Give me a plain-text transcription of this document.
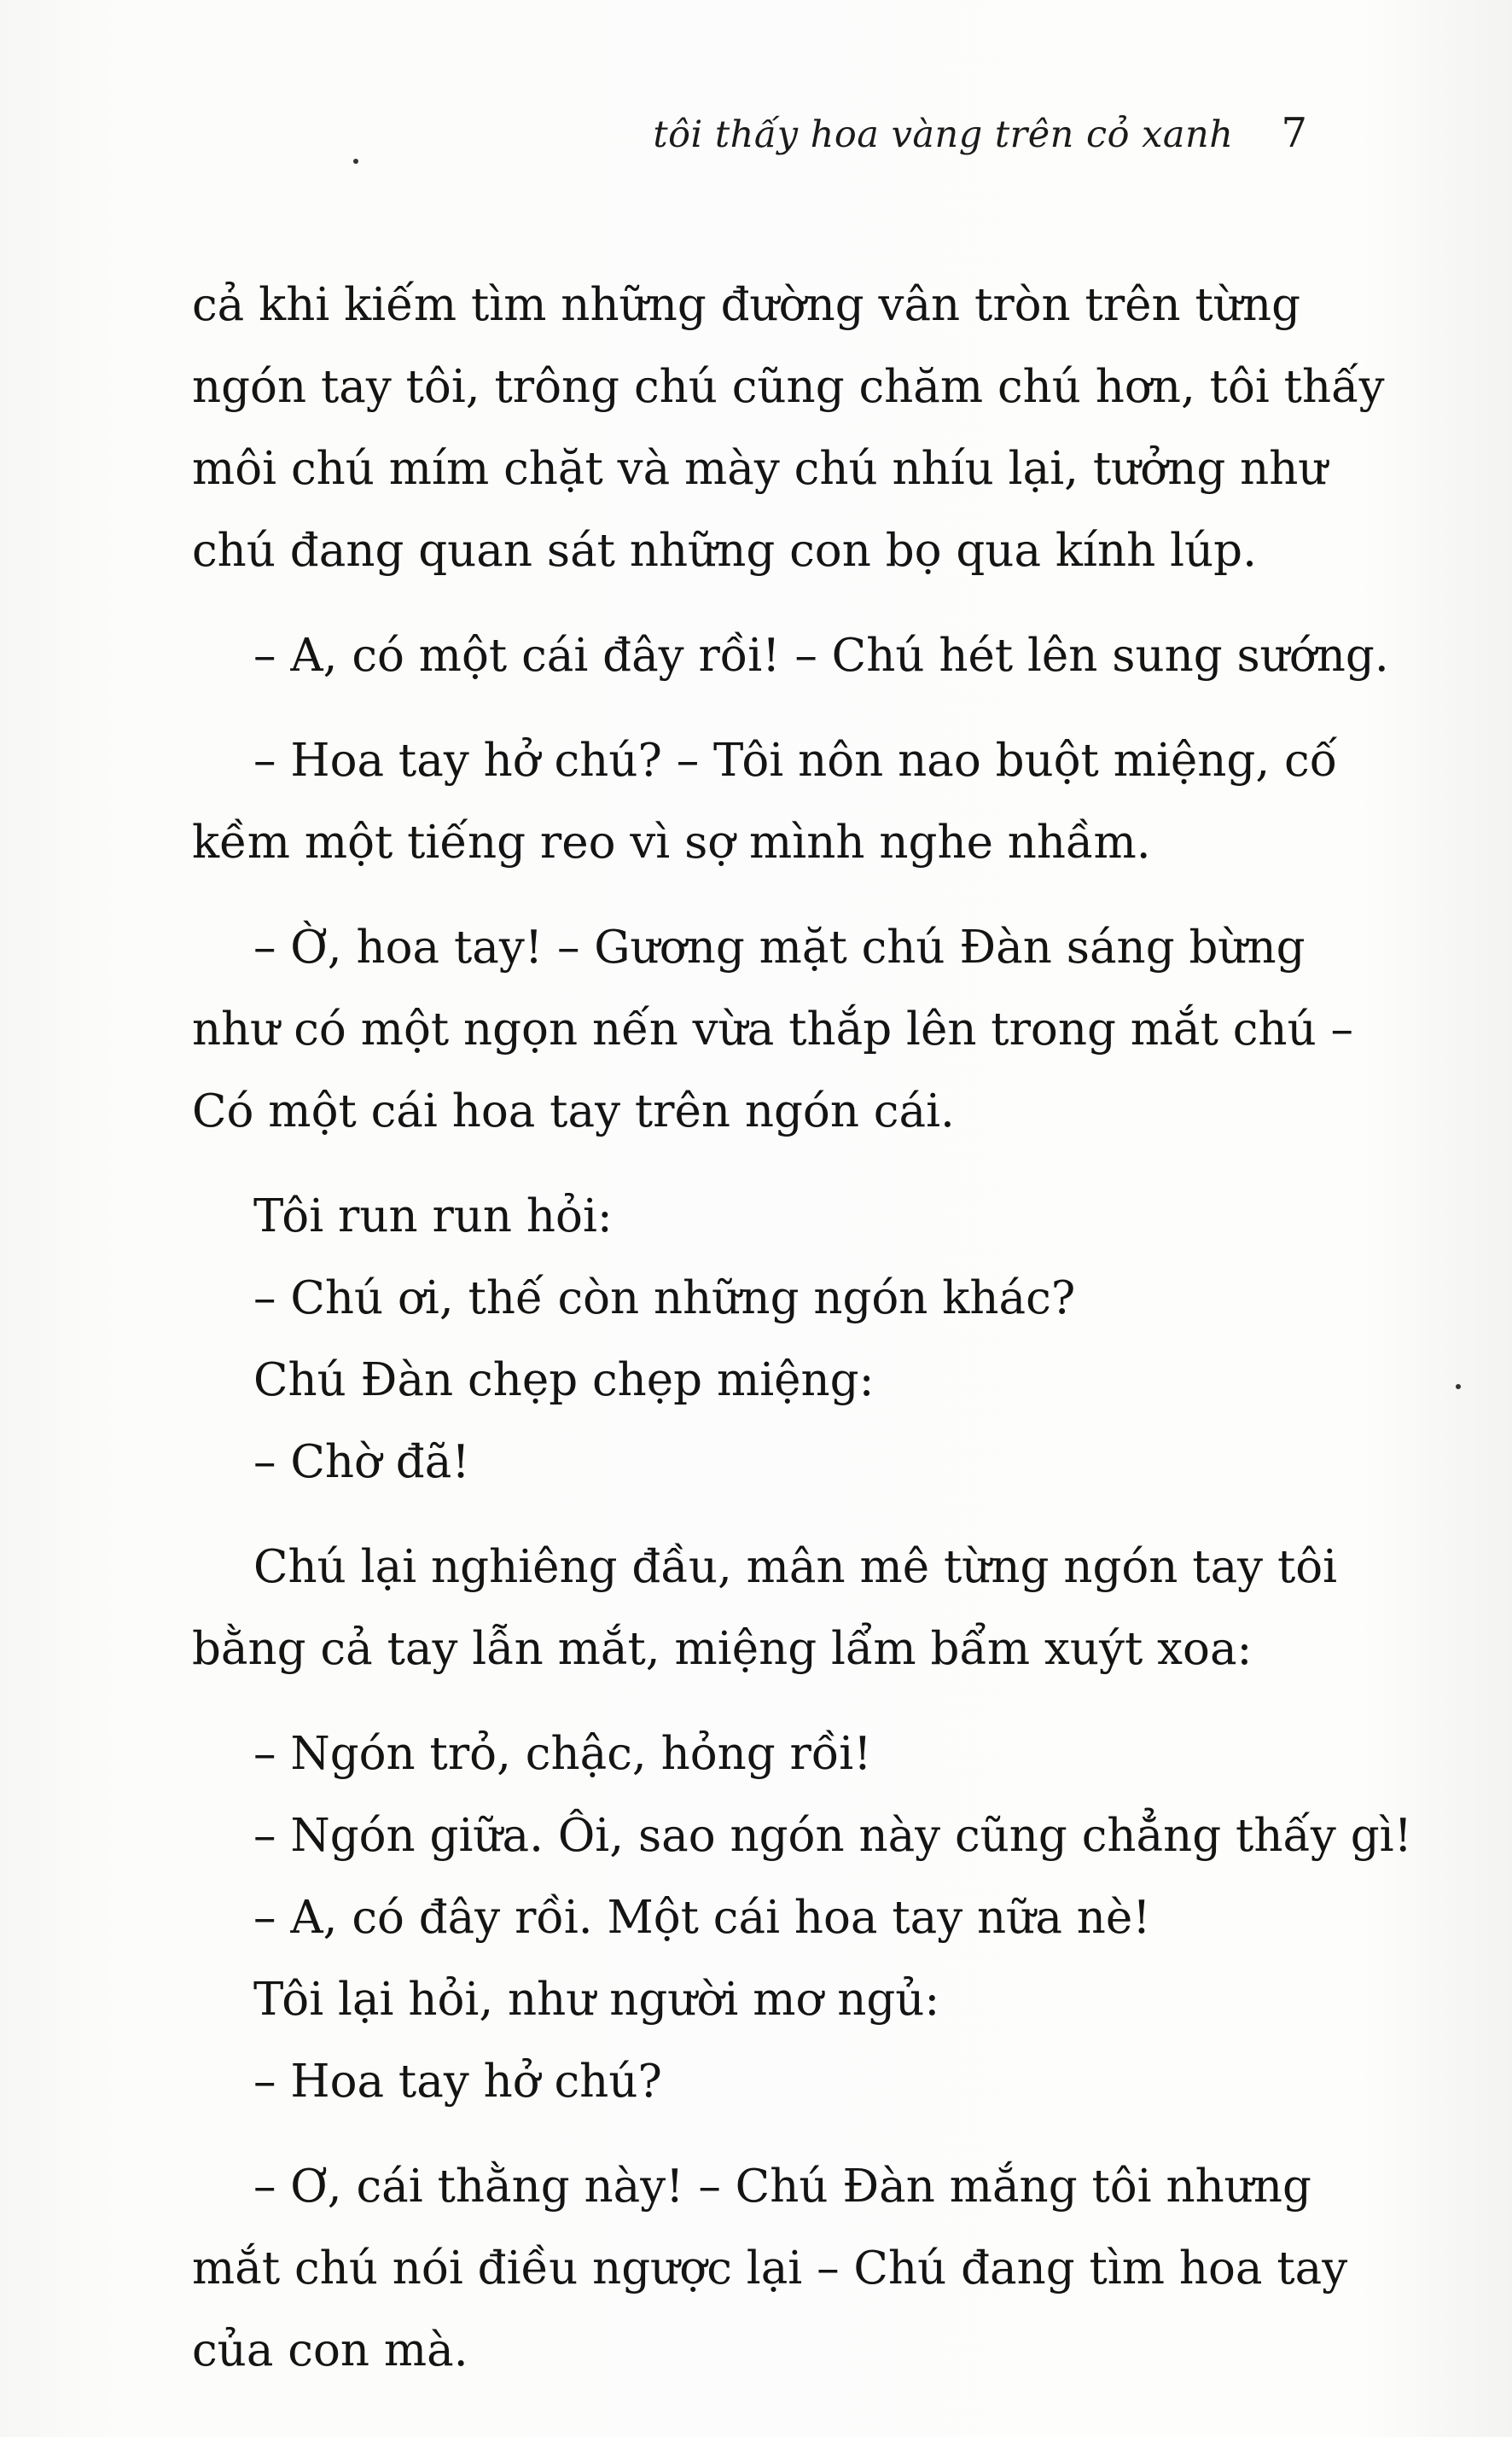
tôi thấy hoa vàng trên cỏ xanh 7

cả khi kiếm tìm những đường vân tròn trên từng

ngón tay tôi, trông chú cũng chăm chú hơn, tôi thấy

môi chú mím chặt và mày chú nhíu lại, tưởng như

chú đang quan sát những con bọ qua kính lúp.

– A, có một cái đây rồi! – Chú hét lên sung sướng.

– Hoa tay hở chú? – Tôi nôn nao buột miệng, cố

kềm một tiếng reo vì sợ mình nghe nhầm.

– Ờ, hoa tay! – Gương mặt chú Đàn sáng bừng

như có một ngọn nến vừa thắp lên trong mắt chú –

Có một cái hoa tay trên ngón cái.

Tôi run run hỏi:

– Chú ơi, thế còn những ngón khác?

Chú Đàn chẹp chẹp miệng:

– Chờ đã!

Chú lại nghiêng đầu, mân mê từng ngón tay tôi

bằng cả tay lẫn mắt, miệng lẩm bẩm xuýt xoa:

– Ngón trỏ, chậc, hỏng rồi!

– Ngón giữa. Ôi, sao ngón này cũng chẳng thấy gì!

– A, có đây rồi. Một cái hoa tay nữa nè!

Tôi lại hỏi, như người mơ ngủ:

– Hoa tay hở chú?

– Ơ, cái thằng này! – Chú Đàn mắng tôi nhưng

mắt chú nói điều ngược lại – Chú đang tìm hoa tay

của con mà.
